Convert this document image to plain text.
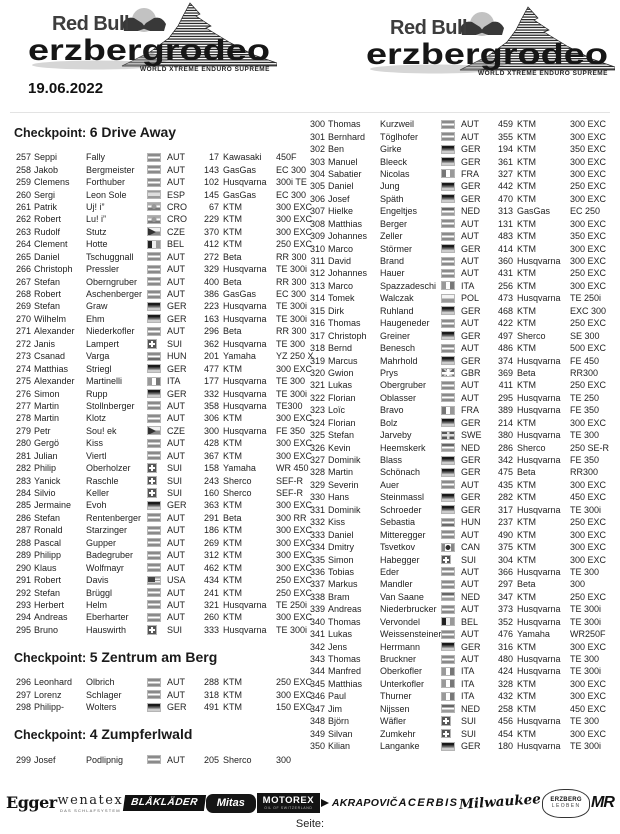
Red Bull
erzbergrodeo
WORLD XTREME ENDURO SUPREME
Red Bull
erzbergrodeo
WORLD XTREME ENDURO SUPREME
19.06.2022
Checkpoint: 6 Drive Away
257 Seppi	Fally	AUT	17 Kawasaki	450F
258 Jakob	Bergmeister	AUT	143 GasGas	EC 300
259 Clemens	Forthuber	AUT	102 Husqvarna	300i TE
260 Sergi	Leon Sole	ESP	145 GasGas	EC 300
261 Patrik	Uj! i”	CRO	67 KTM	300 EXC
262 Robert	Lu! i”	CRO	229 KTM	300 EXC
263 Rudolf	Stutz	CZE	370 KTM	300 EXC
264 Clement	Hotte	BEL	412 KTM	250 EXC
265 Daniel	Tschuggnall	AUT	272 Beta	RR 300
266 Christoph	Pressler	AUT	329 Husqvarna	TE 300i
267 Stefan	Oberngruber	AUT	400 Beta	RR 300
268 Robert	Aschenberger	AUT	386 GasGas	EC 300
269 Stefan	Graw	GER	223 Husqvarna	TE 300i
270 Wilhelm	Ehm	GER	163 Husqvarna	TE 300i
271 Alexander	Niederkofler	AUT	296 Beta	RR 300
272 Janis	Lampert	SUI	362 Husqvarna	TE 300
273 Csanad	Varga	HUN	201 Yamaha	YZ 250 X
274 Matthias	Striegl	GER	477 KTM	300 EXC
275 Alexander	Martinelli	ITA	177 Husqvarna	TE 300
276 Simon	Rupp	GER	332 Husqvarna	TE 300i
277 Martin	Stollnberger	AUT	358 Husqvarna	TE300
278 Martin	Klotz	AUT	306 KTM	300 EXC
279 Petr	Sou! ek	CZE	300 Husqvarna	FE 350
280 Gergö	Kiss	AUT	428 KTM	300 EXC
281 Julian	Viertl	AUT	367 KTM	300 EXC
282 Philip	Oberholzer	SUI	158 Yamaha	WR 450
283 Yanick	Raschle	SUI	243 Sherco	SEF-R
284 Silvio	Keller	SUI	160 Sherco	SEF-R
285 Jermaine	Evoh	GER	363 KTM	300 EXC
286 Stefan	Rentenberger	AUT	291 Beta	300 RR
287 Ronald	Starzinger	AUT	186 KTM	300 EXC
288 Pascal	Gupper	AUT	269 KTM	300 EXC
289 Philipp	Badegruber	AUT	312 KTM	300 EXC
290 Klaus	Wolfmayr	AUT	462 KTM	300 EXC
291 Robert	Davis	USA	434 KTM	250 EXC
292 Stefan	Brüggl	AUT	241 KTM	250 EXC
293 Herbert	Helm	AUT	321 Husqvarna	TE 250i
294 Andreas	Eberharter	AUT	260 KTM	300 EXC
295 Bruno	Hauswirth	SUI	333 Husqvarna	TE 300i
Checkpoint: 5 Zentrum am Berg
296 Leonhard	Olbrich	AUT	288 KTM	250 EXC
297 Lorenz	Schlager	AUT	318 KTM	300 EXC
298 Philipp-	Wolters	GER	491 KTM	150 EXC
Checkpoint: 4 Zumpferlwald
299 Josef	Podlipnig	AUT	205 Sherco	300
300 Thomas	Kurzweil	AUT	459 KTM	300 EXC
301 Bernhard	Töglhofer	AUT	355 KTM	300 EXC
302 Ben	Girke	GER	194 KTM	350 EXC
303 Manuel	Bleeck	GER	361 KTM	300 EXC
304 Sabatier	Nicolas	FRA	327 KTM	300 EXC
305 Daniel	Jung	GER	442 KTM	250 EXC
306 Josef	Späth	GER	470 KTM	300 EXC
307 Hielke	Engeltjes	NED	313 GasGas	EC 250
308 Matthias	Berger	AUT	131 KTM	300 EXC
309 Johannes	Zeller	AUT	483 KTM	350 EXC
310 Marco	Störmer	GER	414 KTM	300 EXC
311 David	Brand	AUT	360 Husqvarna	300 EXC
312 Johannes	Hauer	AUT	431 KTM	250 EXC
313 Marco	Spazzadeschi	ITA	256 KTM	300 EXC
314 Tomek	Walczak	POL	473 Husqvarna	TE 250i
315 Dirk	Ruhland	GER	468 KTM	EXC 300
316 Thomas	Haugeneder	AUT	422 KTM	250 EXC
317 Christoph	Greiner	GER	497 Sherco	SE 300
318 Bernd	Benesch	AUT	486 KTM	500 EXC
319 Marcus	Mahrhold	GER	374 Husqvarna	FE 450
320 Gwion	Prys	GBR	369 Beta	RR300
321 Lukas	Obergruber	AUT	411 KTM	250 EXC
322 Florian	Oblasser	AUT	295 Husqvarna	TE 250
323 Loïc	Bravo	FRA	389 Husqvarna	FE 350
324 Florian	Bolz	GER	214 KTM	300 EXC
325 Stefan	Jarveby	SWE	380 Husqvarna	TE 300
326 Kevin	Heemskerk	NED	286 Sherco	250 SE-R
327 Dominik	Blass	GER	342 Husqvarna	FE 350
328 Martin	Schönach	GER	475 Beta	RR300
329 Severin	Auer	AUT	435 KTM	300 EXC
330 Hans	Steinmassl	GER	282 KTM	450 EXC
331 Dominik	Schroeder	GER	317 Husqvarna	TE 300i
332 Kiss	Sebastia	HUN	237 KTM	250 EXC
333 Daniel	Mitteregger	AUT	490 KTM	300 EXC
334 Dmitry	Tsvetkov	CAN	375 KTM	300 EXC
335 Simon	Habegger	SUI	304 KTM	300 EXC
336 Tobias	Eder	AUT	366 Husqvarna	TE 300
337 Markus	Mandler	AUT	297 Beta	300
338 Bram	Van Saane	NED	347 KTM	250 EXC
339 Andreas	Niederbrucker	AUT	373 Husqvarna	TE 300i
340 Thomas	Vervondel	BEL	352 Husqvarna	TE 300i
341 Lukas	Weissensteiner	AUT	476 Yamaha	WR250F
342 Jens	Herrmann	GER	316 KTM	300 EXC
343 Thomas	Bruckner	AUT	480 Husqvarna	TE 300
344 Manfred	Oberkofler	ITA	424 Husqvarna	TE 300i
345 Matthias	Unterkofler	ITA	328 KTM	300 EXC
346 Paul	Thurner	ITA	432 KTM	300 EXC
347 Jim	Nijssen	NED	258 KTM	450 EXC
348 Björn	Wäfler	SUI	456 Husqvarna	TE 300
349 Silvan	Zumkehr	SUI	454 KTM	300 EXC
350 Kilian	Langanke	GER	180 Husqvarna	TE 300i
Egger wenatex
DAS SCHLAFSYSTEM
BLÅKLÄDER Mitas MOTOREX
OIL OF SWITZERLAND AKRAPOVIČ ACERBIS Milwaukee ERZBERG
LEOBEN MR
Seite:
